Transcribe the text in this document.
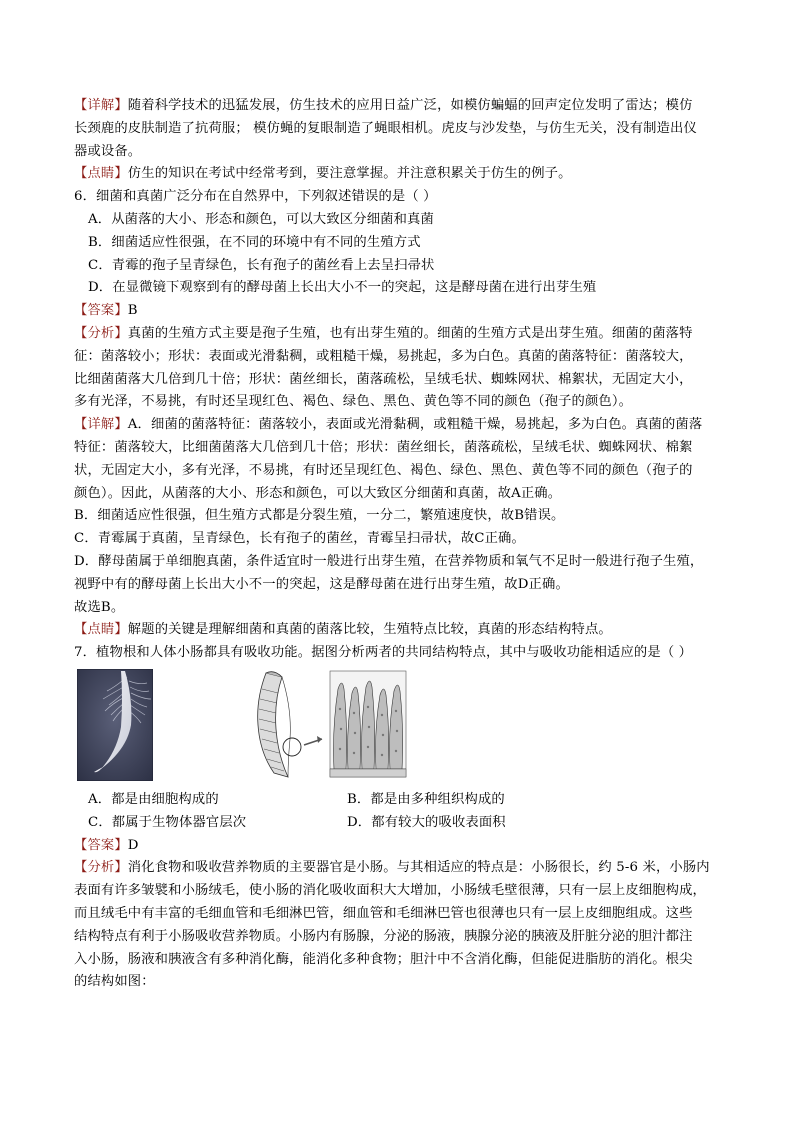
【详解】随着科学技术的迅猛发展，仿生技术的应用日益广泛，如模仿蝙蝠的回声定位发明了雷达；模仿
长颈鹿的皮肤制造了抗荷服； 模仿蝇的复眼制造了蝇眼相机。虎皮与沙发垫，与仿生无关，没有制造出仪
器或设备。
【点睛】仿生的知识在考试中经常考到，要注意掌握。并注意积累关于仿生的例子。
6．细菌和真菌广泛分布在自然界中，下列叙述错误的是（ ）
A．从菌落的大小、形态和颜色，可以大致区分细菌和真菌
B．细菌适应性很强，在不同的环境中有不同的生殖方式
C．青霉的孢子呈青绿色，长有孢子的菌丝看上去呈扫帚状
D．在显微镜下观察到有的酵母菌上长出大小不一的突起，这是酵母菌在进行出芽生殖
【答案】B
【分析】真菌的生殖方式主要是孢子生殖，也有出芽生殖的。细菌的生殖方式是出芽生殖。细菌的菌落特
征：菌落较小；形状：表面或光滑黏稠，或粗糙干燥，易挑起，多为白色。真菌的菌落特征：菌落较大，
比细菌菌落大几倍到几十倍；形状：菌丝细长，菌落疏松，呈绒毛状、蜘蛛网状、棉絮状，无固定大小，
多有光泽，不易挑，有时还呈现红色、褐色、绿色、黑色、黄色等不同的颜色（孢子的颜色）。
【详解】A．细菌的菌落特征：菌落较小，表面或光滑黏稠，或粗糙干燥，易挑起，多为白色。真菌的菌落
特征：菌落较大，比细菌菌落大几倍到几十倍；形状：菌丝细长，菌落疏松，呈绒毛状、蜘蛛网状、棉絮
状，无固定大小，多有光泽，不易挑，有时还呈现红色、褐色、绿色、黑色、黄色等不同的颜色（孢子的
颜色）。因此，从菌落的大小、形态和颜色，可以大致区分细菌和真菌，故A正确。
B．细菌适应性很强，但生殖方式都是分裂生殖，一分二，繁殖速度快，故B错误。
C．青霉属于真菌，呈青绿色，长有孢子的菌丝，青霉呈扫帚状，故C正确。
D．酵母菌属于单细胞真菌，条件适宜时一般进行出芽生殖，在营养物质和氧气不足时一般进行孢子生殖，
视野中有的酵母菌上长出大小不一的突起，这是酵母菌在进行出芽生殖，故D正确。
故选B。
【点睛】解题的关键是理解细菌和真菌的菌落比较，生殖特点比较，真菌的形态结构特点。
7．植物根和人体小肠都具有吸收功能。据图分析两者的共同结构特点，其中与吸收功能相适应的是（ ）
A．都是由细胞构成的	B．都是由多种组织构成的
C．都属于生物体器官层次	D．都有较大的吸收表面积
【答案】D
【分析】消化食物和吸收营养物质的主要器官是小肠。与其相适应的特点是：小肠很长，约 5-6 米，小肠内
表面有许多皱襞和小肠绒毛，使小肠的消化吸收面积大大增加，小肠绒毛壁很薄，只有一层上皮细胞构成，
而且绒毛中有丰富的毛细血管和毛细淋巴管，细血管和毛细淋巴管也很薄也只有一层上皮细胞组成。这些
结构特点有利于小肠吸收营养物质。小肠内有肠腺，分泌的肠液，胰腺分泌的胰液及肝脏分泌的胆汁都注
入小肠，肠液和胰液含有多种消化酶，能消化多种食物；胆汁中不含消化酶，但能促进脂肪的消化。根尖
的结构如图：
